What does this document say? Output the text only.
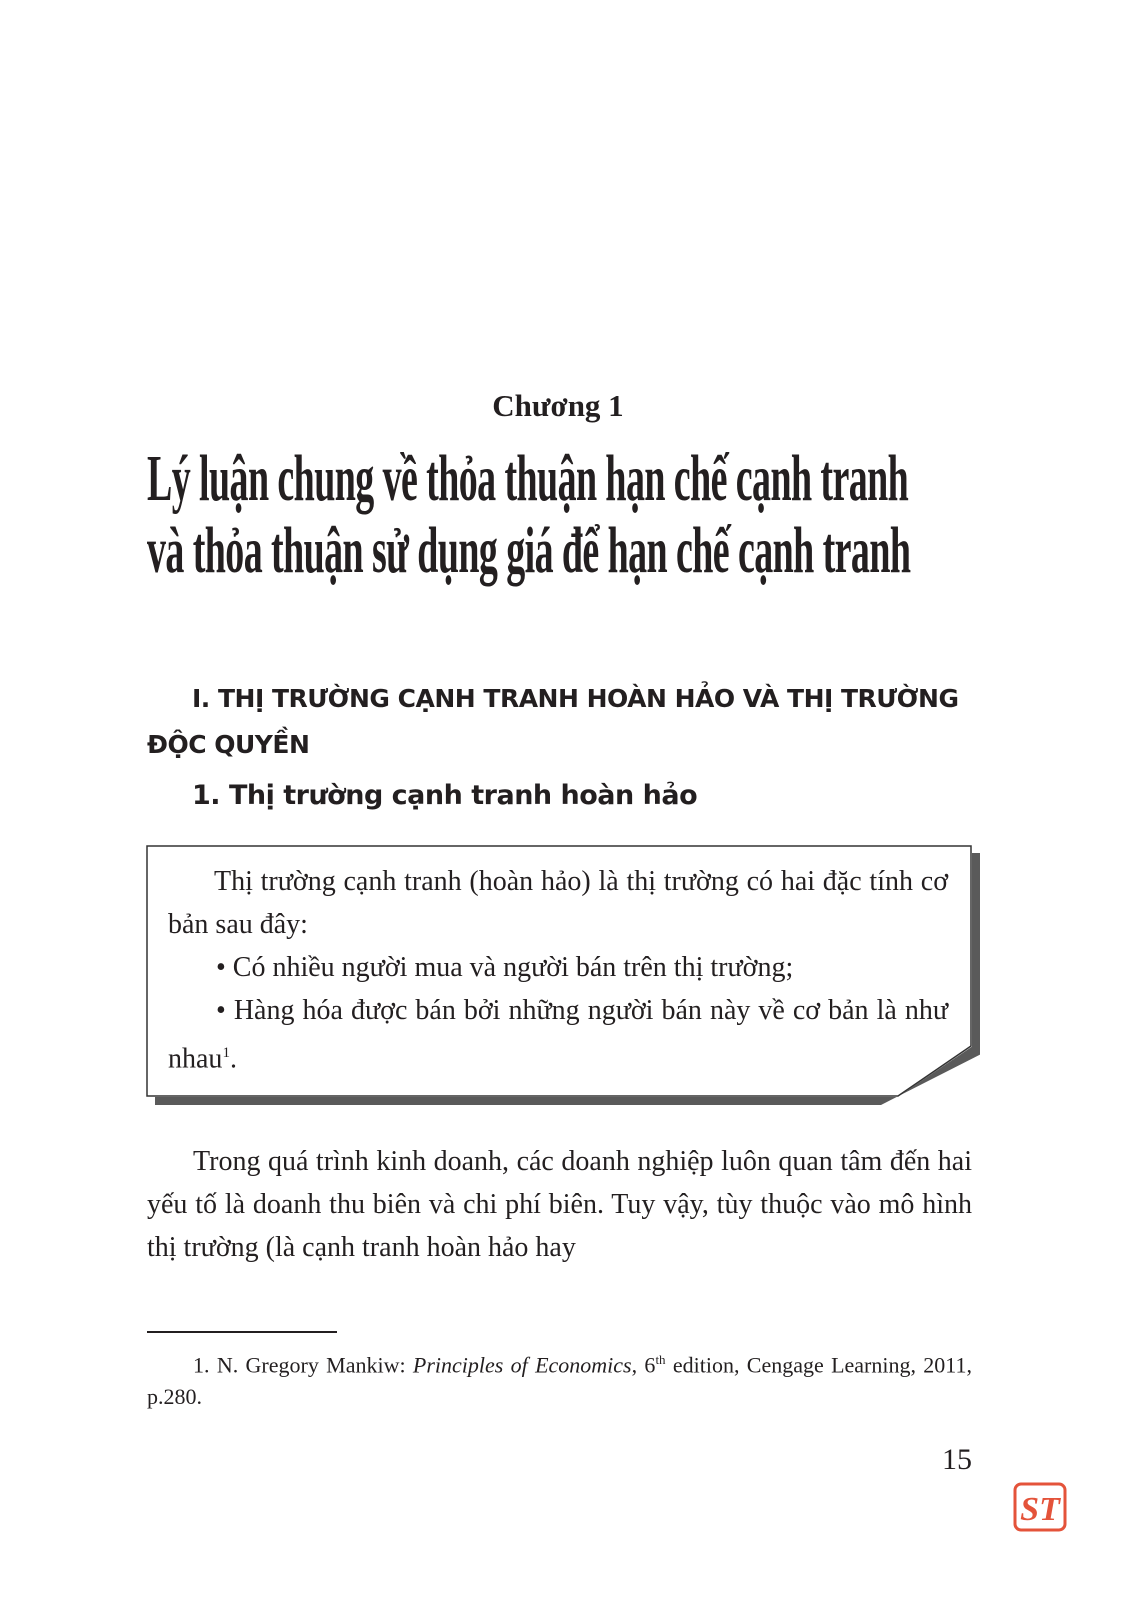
Chương 1
Lý luận chung về thỏa thuận hạn chế cạnh tranh
và thỏa thuận sử dụng giá để hạn chế cạnh tranh
I. THỊ TRƯỜNG CẠNH TRANH HOÀN HẢO VÀ THỊ TRƯỜNG ĐỘC QUYỀN
1. Thị trường cạnh tranh hoàn hảo

Thị trường cạnh tranh (hoàn hảo) là thị trường có hai đặc tính cơ bản sau đây:

• Có nhiều người mua và người bán trên thị trường;

• Hàng hóa được bán bởi những người bán này về cơ bản là như nhau$^1$.

Trong quá trình kinh doanh, các doanh nghiệp luôn quan tâm đến hai yếu tố là doanh thu biên và chi phí biên. Tuy vậy, tùy thuộc vào mô hình thị trường (là cạnh tranh hoàn hảo hay
1. N. Gregory Mankiw: Principles of Economics, 6th edition, Cengage Learning, 2011, p.280.
15
ST
